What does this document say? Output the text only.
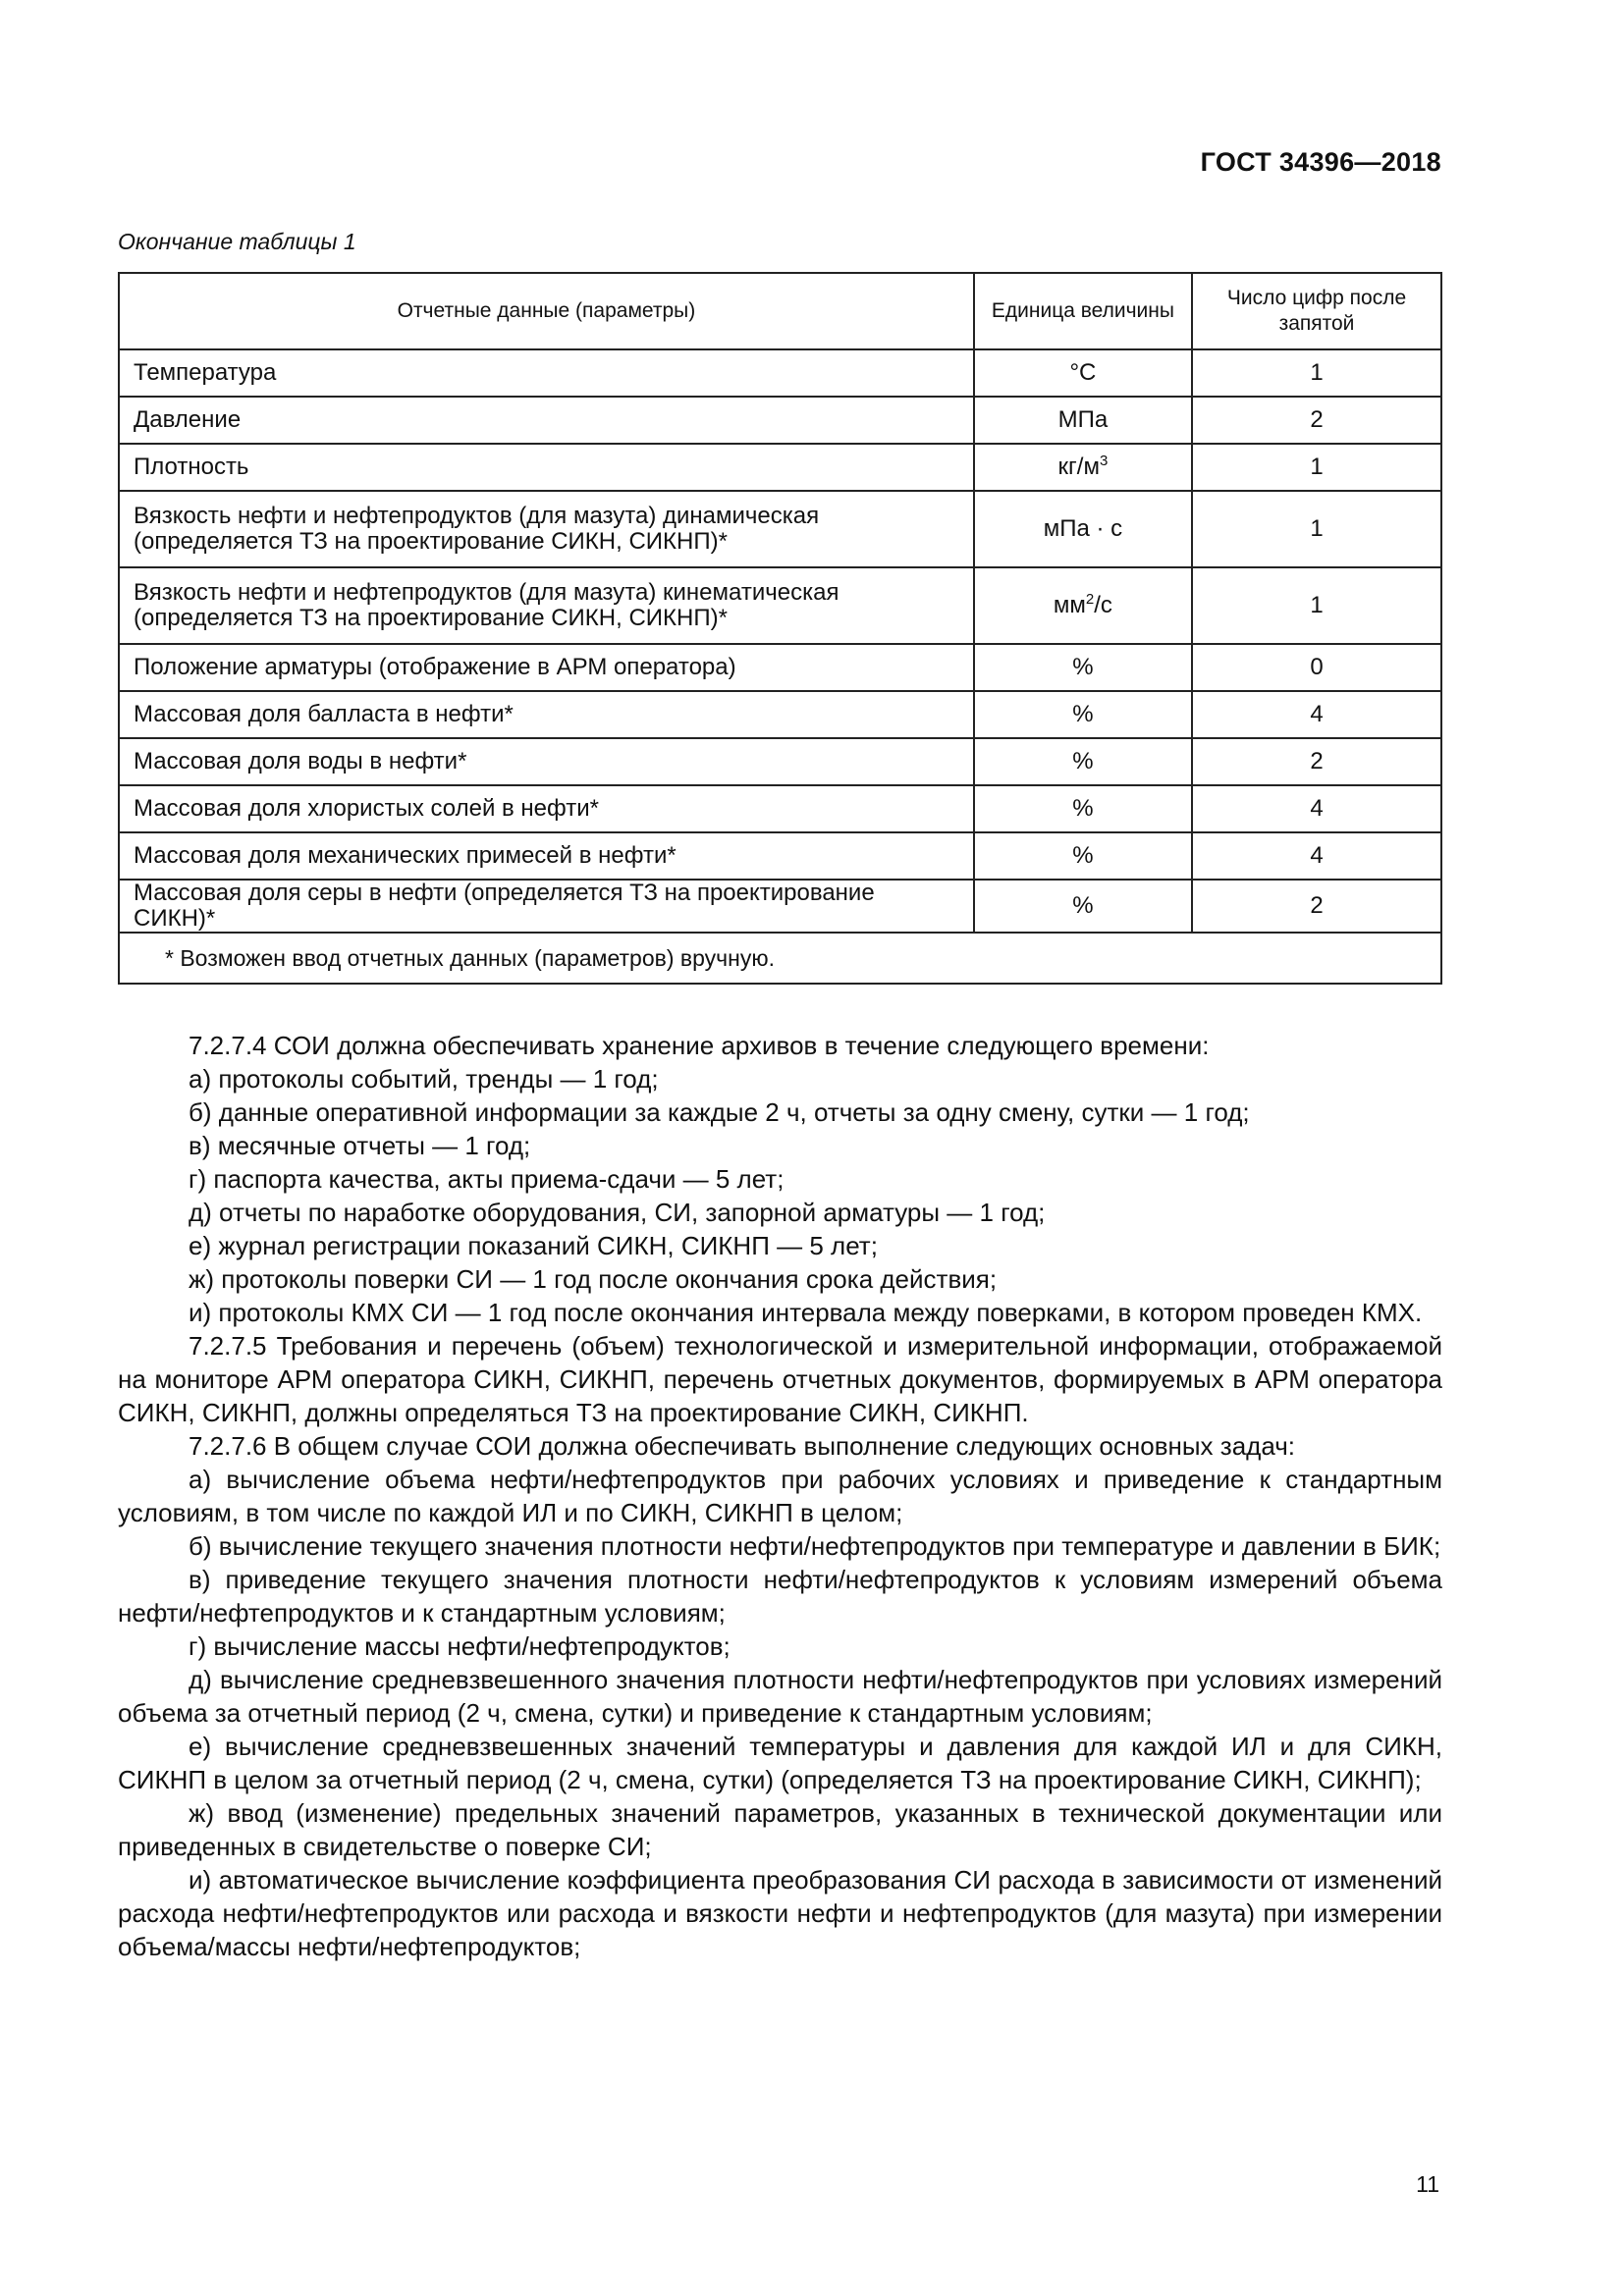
ГОСТ 34396—2018
Окончание таблицы 1
Отчетные данные (параметры)	Единица величины	Число цифр после запятой
Температура	°С	1
Давление	МПа	2
Плотность	$кг/м^3$	1
Вязкость нефти и нефтепродуктов (для мазута) динамическая (определяется ТЗ на проектирование СИКН, СИКНП)*	мПа · с	1
Вязкость нефти и нефтепродуктов (для мазута) кинематическая (определяется ТЗ на проектирование СИКН, СИКНП)*	$мм^2/с$	1
Положение арматуры (отображение в АРМ оператора)	%	0
Массовая доля балласта в нефти*	%	4
Массовая доля воды в нефти*	%	2
Массовая доля хлористых солей в нефти*	%	4
Массовая доля механических примесей в нефти*	%	4
Массовая доля серы в нефти (определяется ТЗ на проектирование СИКН)*	%	2
* Возможен ввод отчетных данных (параметров) вручную.		

7.2.7.4 СОИ должна обеспечивать хранение архивов в течение следующего времени:

а) протоколы событий, тренды — 1 год;

б) данные оперативной информации за каждые 2 ч, отчеты за одну смену, сутки — 1 год;

в) месячные отчеты — 1 год;

г) паспорта качества, акты приема-сдачи — 5 лет;

д) отчеты по наработке оборудования, СИ, запорной арматуры — 1 год;

е) журнал регистрации показаний СИКН, СИКНП — 5 лет;

ж) протоколы поверки СИ — 1 год после окончания срока действия;

и) протоколы КМХ СИ — 1 год после окончания интервала между поверками, в котором проведен КМХ.

7.2.7.5 Требования и перечень (объем) технологической и измерительной информации, отображаемой на мониторе АРМ оператора СИКН, СИКНП, перечень отчетных документов, формируемых в АРМ оператора СИКН, СИКНП, должны определяться ТЗ на проектирование СИКН, СИКНП.

7.2.7.6 В общем случае СОИ должна обеспечивать выполнение следующих основных задач:

а) вычисление объема нефти/нефтепродуктов при рабочих условиях и приведение к стандартным условиям, в том числе по каждой ИЛ и по СИКН, СИКНП в целом;

б) вычисление текущего значения плотности нефти/нефтепродуктов при температуре и давлении в БИК;

в) приведение текущего значения плотности нефти/нефтепродуктов к условиям измерений объема нефти/нефтепродуктов и к стандартным условиям;

г) вычисление массы нефти/нефтепродуктов;

д) вычисление средневзвешенного значения плотности нефти/нефтепродуктов при условиях измерений объема за отчетный период (2 ч, смена, сутки) и приведение к стандартным условиям;

е) вычисление средневзвешенных значений температуры и давления для каждой ИЛ и для СИКН, СИКНП в целом за отчетный период (2 ч, смена, сутки) (определяется ТЗ на проектирование СИКН, СИКНП);

ж) ввод (изменение) предельных значений параметров, указанных в технической документации или приведенных в свидетельстве о поверке СИ;

и) автоматическое вычисление коэффициента преобразования СИ расхода в зависимости от изменений расхода нефти/нефтепродуктов или расхода и вязкости нефти и нефтепродуктов (для мазута) при измерении объема/массы нефти/нефтепродуктов;

11
